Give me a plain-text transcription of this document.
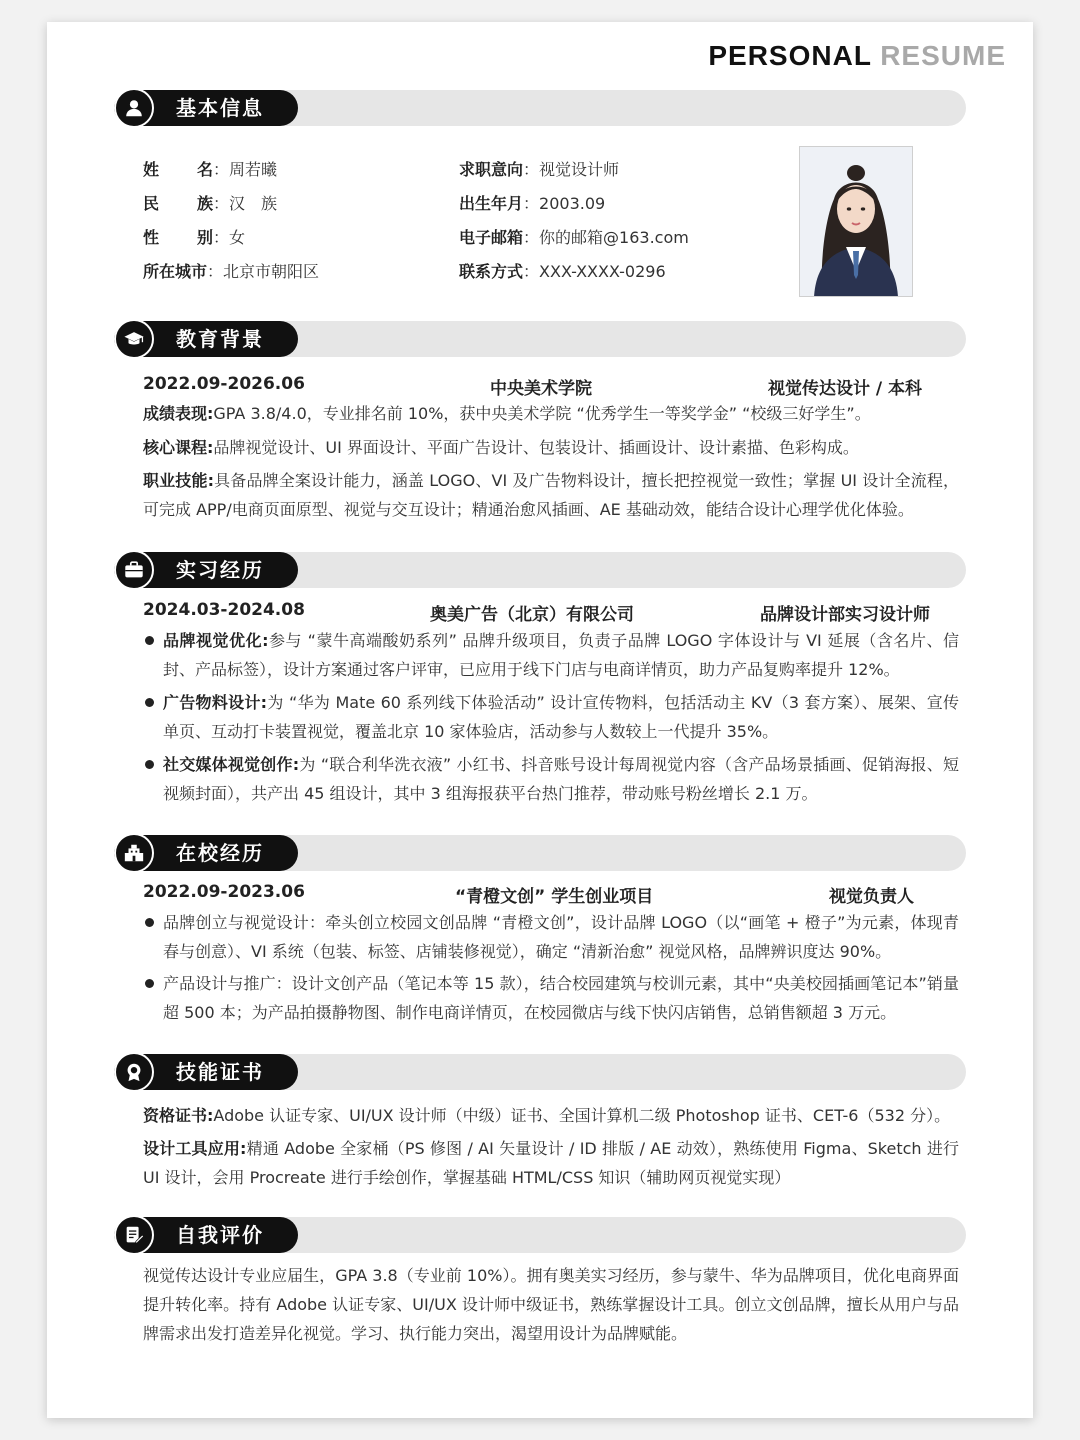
PERSONAL RESUME
基本信息
姓名：周若曦
民族：汉　族
性别：女
所在城市：北京市朝阳区
求职意向：视觉设计师
出生年月：2003.09
电子邮箱：你的邮箱@163.com
联系方式：XXX-XXXX-0296
教育背景
2022.09-2026.06	中央美术学院	视觉传达设计 / 本科
成绩表现:GPA 3.8/4.0，专业排名前 10%，获中央美术学院 “优秀学生一等奖学金” “校级三好学生”。
核心课程:品牌视觉设计、UI 界面设计、平面广告设计、包装设计、插画设计、设计素描、色彩构成。
职业技能:具备品牌全案设计能力，涵盖 LOGO、VI 及广告物料设计，擅长把控视觉一致性；掌握 UI 设计全流程，可完成 APP/电商页面原型、视觉与交互设计；精通治愈风插画、AE 基础动效，能结合设计心理学优化体验。
实习经历
2024.03-2024.08	奥美广告（北京）有限公司	品牌设计部实习设计师
品牌视觉优化:参与 “蒙牛高端酸奶系列” 品牌升级项目，负责子品牌 LOGO 字体设计与 VI 延展（含名片、信封、产品标签），设计方案通过客户评审，已应用于线下门店与电商详情页，助力产品复购率提升 12%。
广告物料设计:为 “华为 Mate 60 系列线下体验活动” 设计宣传物料，包括活动主 KV（3 套方案）、展架、宣传单页、互动打卡装置视觉，覆盖北京 10 家体验店，活动参与人数较上一代提升 35%。
社交媒体视觉创作:为 “联合利华洗衣液” 小红书、抖音账号设计每周视觉内容（含产品场景插画、促销海报、短视频封面），共产出 45 组设计，其中 3 组海报获平台热门推荐，带动账号粉丝增长 2.1 万。
在校经历
2022.09-2023.06	“青橙文创” 学生创业项目	视觉负责人
品牌创立与视觉设计：牵头创立校园文创品牌 “青橙文创”，设计品牌 LOGO（以“画笔 + 橙子”为元素，体现青春与创意）、VI 系统（包装、标签、店铺装修视觉），确定 “清新治愈” 视觉风格，品牌辨识度达 90%。
产品设计与推广：设计文创产品（笔记本等 15 款），结合校园建筑与校训元素，其中“央美校园插画笔记本”销量超 500 本；为产品拍摄静物图、制作电商详情页，在校园微店与线下快闪店销售，总销售额超 3 万元。
技能证书
资格证书:Adobe 认证专家、UI/UX 设计师（中级）证书、全国计算机二级 Photoshop 证书、CET-6（532 分）。
设计工具应用:精通 Adobe 全家桶（PS 修图 / AI 矢量设计 / ID 排版 / AE 动效），熟练使用 Figma、Sketch 进行 UI 设计，会用 Procreate 进行手绘创作，掌握基础 HTML/CSS 知识（辅助网页视觉实现）
自我评价
视觉传达设计专业应届生，GPA 3.8（专业前 10%）。拥有奥美实习经历，参与蒙牛、华为品牌项目，优化电商界面提升转化率。持有 Adobe 认证专家、UI/UX 设计师中级证书，熟练掌握设计工具。创立文创品牌，擅长从用户与品牌需求出发打造差异化视觉。学习、执行能力突出，渴望用设计为品牌赋能。
